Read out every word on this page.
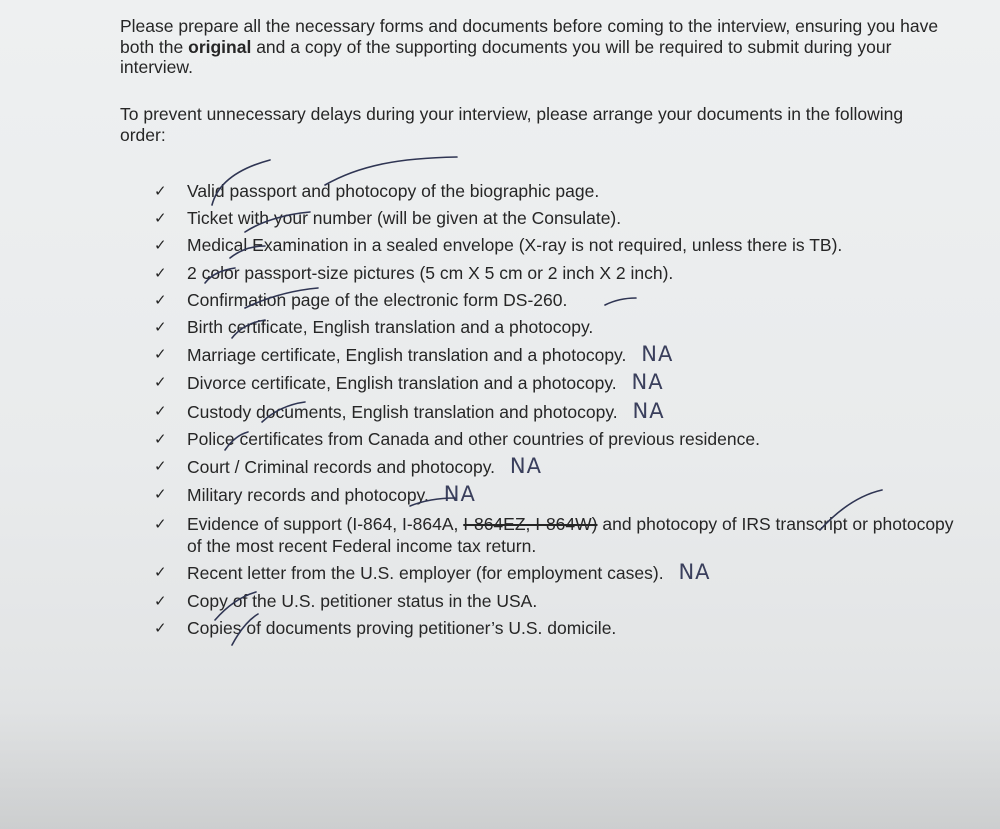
Please prepare all the necessary forms and documents before coming to the interview, ensuring you have both the original and a copy of the supporting documents you will be required to submit during your interview.

To prevent unnecessary delays during your interview, please arrange your documents in the following order:

✓ Valid passport and photocopy of the biographic page.
✓ Ticket with your number (will be given at the Consulate).
✓ Medical Examination in a sealed envelope (X-ray is not required, unless there is TB).
✓ 2 color passport-size pictures (5 cm X 5 cm or 2 inch X 2 inch).
✓ Confirmation page of the electronic form DS-260.
✓ Birth certificate, English translation and a photocopy.
✓ Marriage certificate, English translation and a photocopy. NA
✓ Divorce certificate, English translation and a photocopy. NA
✓ Custody documents, English translation and photocopy. NA
✓ Police certificates from Canada and other countries of previous residence.
✓ Court / Criminal records and photocopy. NA
✓ Military records and photocopy. NA
✓ Evidence of support (I-864, I-864A, I-864EZ, I-864W) and photocopy of IRS transcript or photocopy of the most recent Federal income tax return.
✓ Recent letter from the U.S. employer (for employment cases). NA
✓ Copy of the U.S. petitioner status in the USA.
✓ Copies of documents proving petitioner’s U.S. domicile.
